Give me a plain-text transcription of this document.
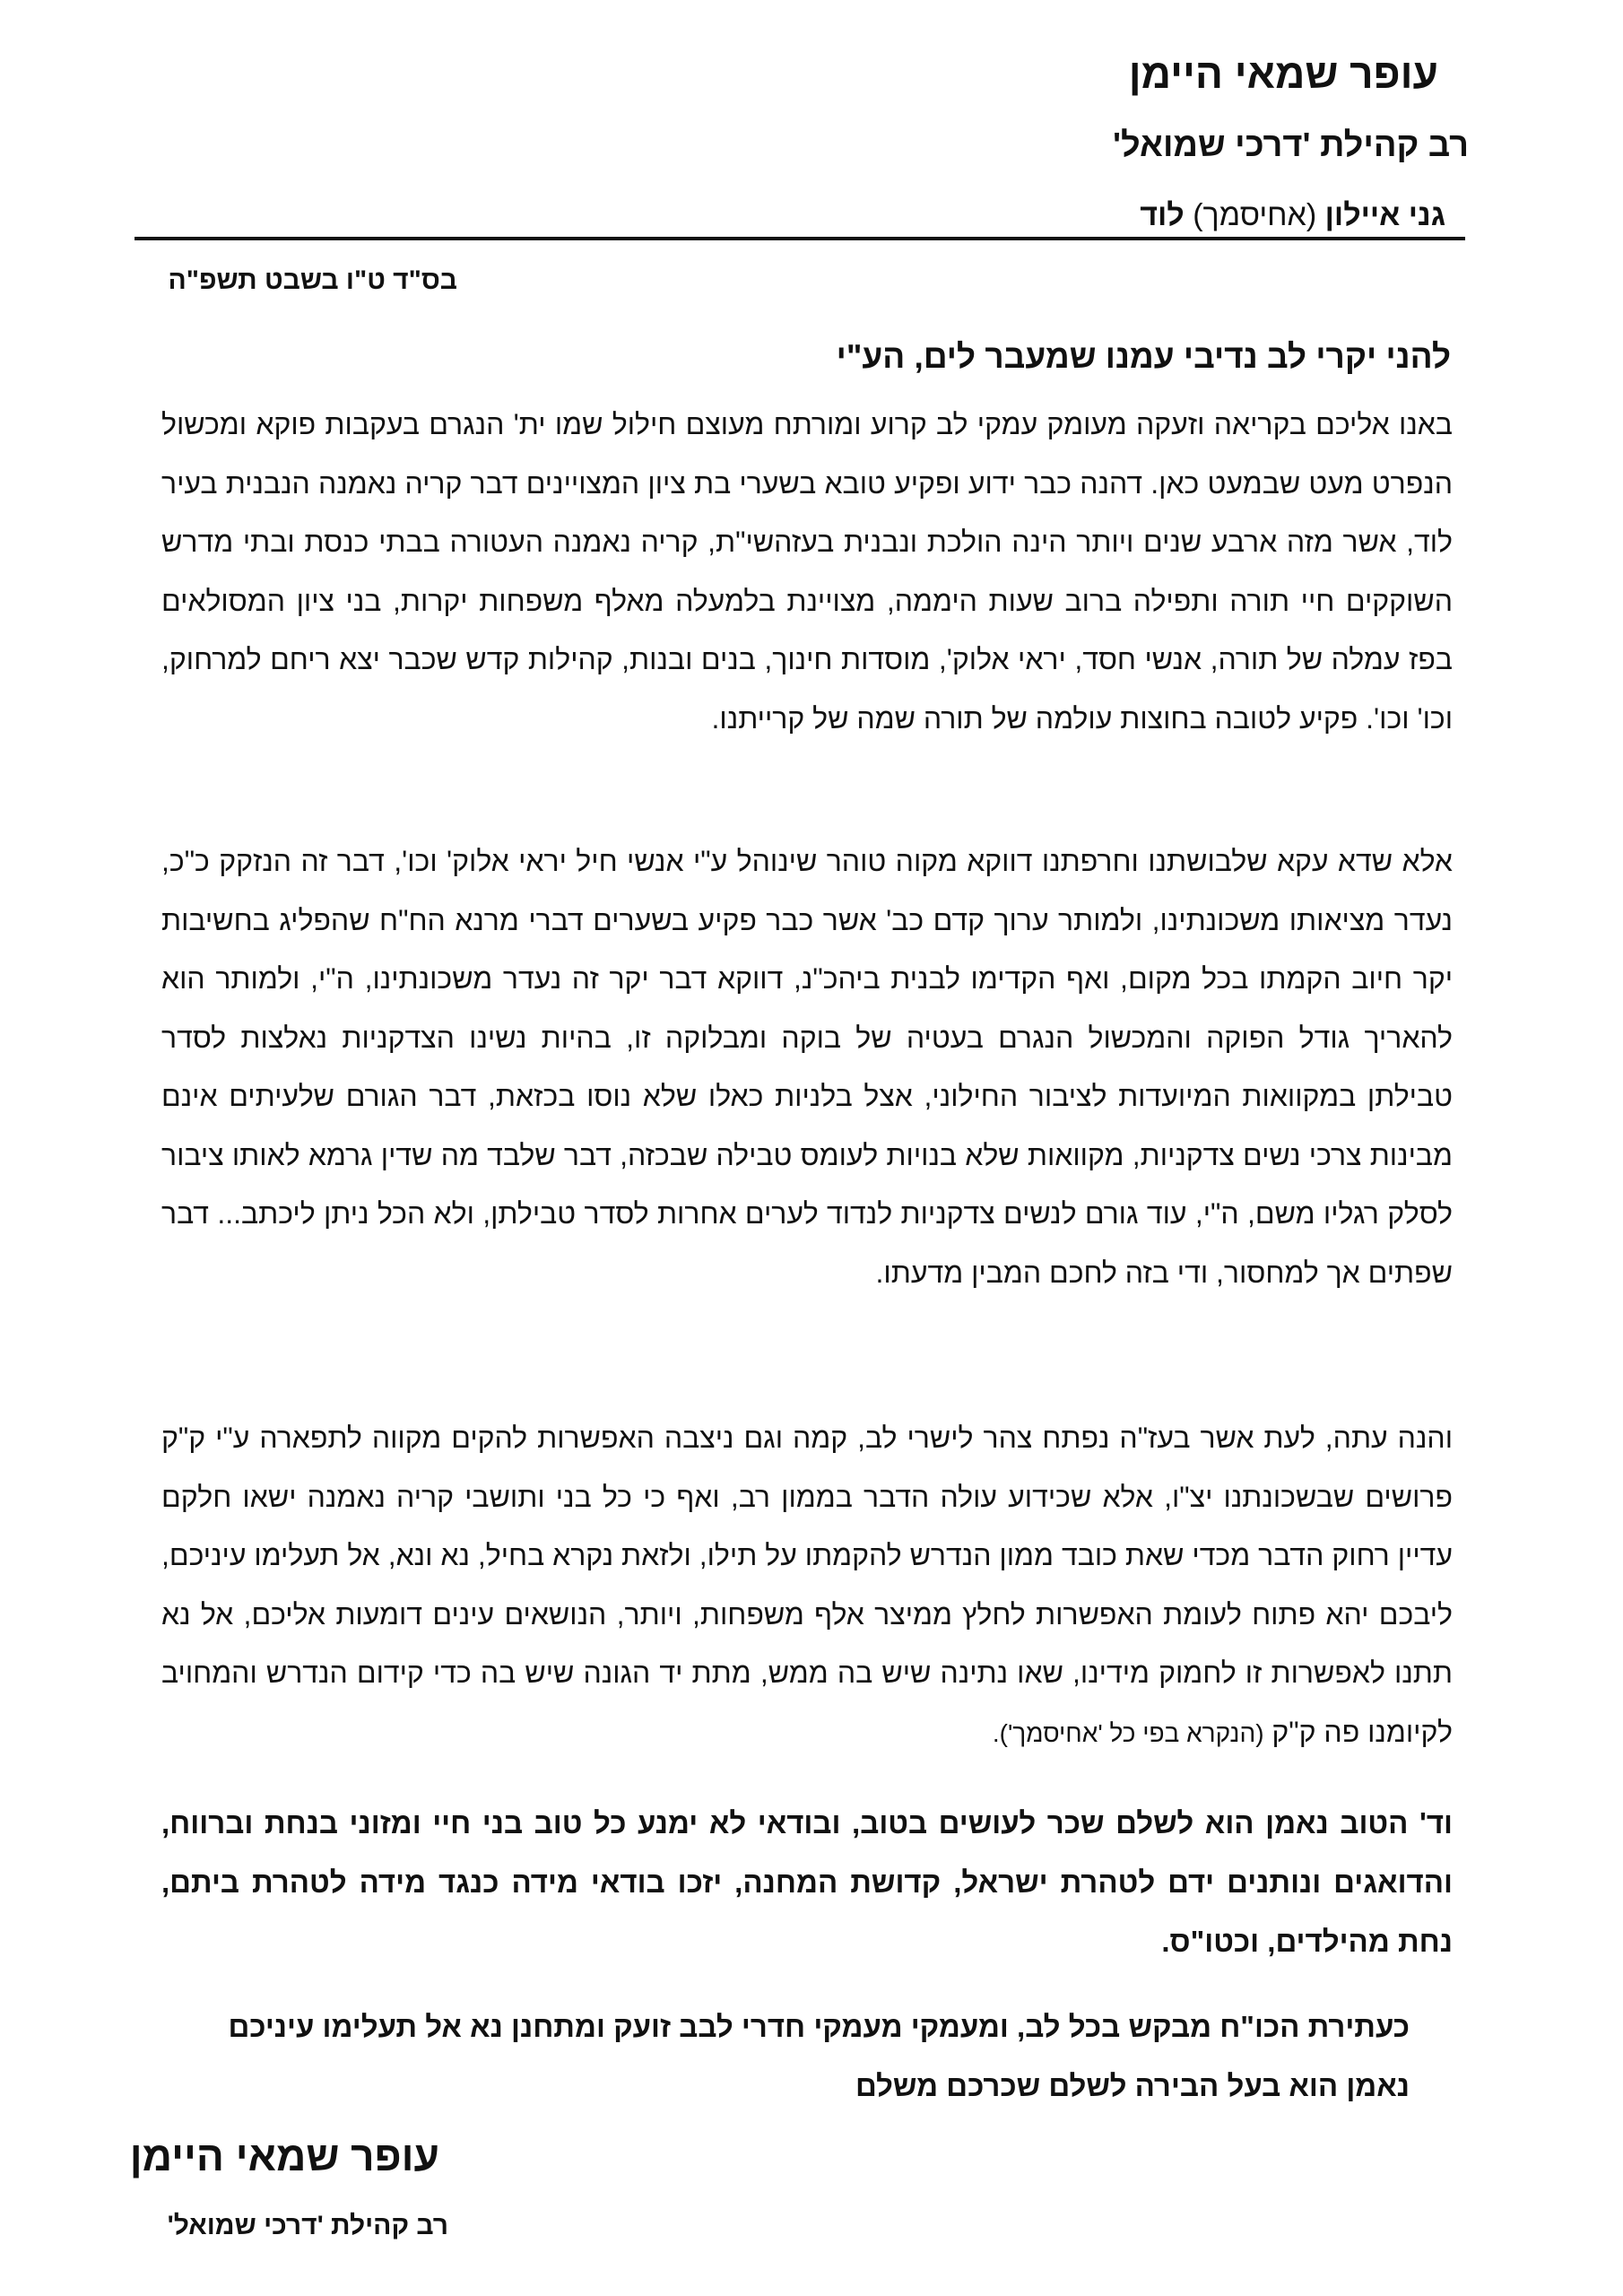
עופר שמאי היימן
רב קהילת 'דרכי שמואל'
גני איילון (אחיסמך) לוד
בס"ד ט"ו בשבט תשפ"ה
להני יקרי לב נדיבי עמנו שמעבר לים, הע"י

באנו אליכם בקריאה וזעקה מעומק עמקי לב קרוע ומורתח מעוצם חילול שמו ית' הנגרם בעקבות פוקא ומכשול הנפרט מעט שבמעט כאן. דהנה כבר ידוע ופקיע טובא בשערי בת ציון המצויינים דבר קריה נאמנה הנבנית בעיר לוד, אשר מזה ארבע שנים ויותר הינה הולכת ונבנית בעזהשי"ת, קריה נאמנה העטורה בבתי כנסת ובתי מדרש השוקקים חיי תורה ותפילה ברוב שעות היממה, מצויינת בלמעלה מאלף משפחות יקרות, בני ציון המסולאים בפז עמלה של תורה, אנשי חסד, יראי אלוק', מוסדות חינוך, בנים ובנות, קהילות קדש שכבר יצא ריחם למרחוק, וכו' וכו'. פקיע לטובה בחוצות עולמה של תורה שמה של קרייתנו.

אלא שדא עקא שלבושתנו וחרפתנו דווקא מקוה טוהר שינוהל ע"י אנשי חיל יראי אלוק' וכו', דבר זה הנזקק כ"כ, נעדר מציאותו משכונתינו, ולמותר ערוך קדם כב' אשר כבר פקיע בשערים דברי מרנא הח"ח שהפליג בחשיבות יקר חיוב הקמתו בכל מקום, ואף הקדימו לבנית ביהכ"נ, דווקא דבר יקר זה נעדר משכונתינו, ה"י, ולמותר הוא להאריך גודל הפוקה והמכשול הנגרם בעטיה של בוקה ומבלוקה זו, בהיות נשינו הצדקניות נאלצות לסדר טבילתן במקוואות המיועדות לציבור החילוני, אצל בלניות כאלו שלא נוסו בכזאת, דבר הגורם שלעיתים אינם מבינות צרכי נשים צדקניות, מקוואות שלא בנויות לעומס טבילה שבכזה, דבר שלבד מה שדין גרמא לאותו ציבור לסלק רגליו משם, ה"י, עוד גורם לנשים צדקניות לנדוד לערים אחרות לסדר טבילתן, ולא הכל ניתן ליכתב... דבר שפתים אך למחסור, ודי בזה לחכם המבין מדעתו.

והנה עתה, לעת אשר בעז"ה נפתח צהר לישרי לב, קמה וגם ניצבה האפשרות להקים מקווה לתפארה ע"י ק"ק פרושים שבשכונתנו יצ"ו, אלא שכידוע עולה הדבר בממון רב, ואף כי כל בני ותושבי קריה נאמנה ישאו חלקם עדיין רחוק הדבר מכדי שאת כובד ממון הנדרש להקמתו על תילו, ולזאת נקרא בחיל, נא ונא, אל תעלימו עיניכם, ליבכם יהא פתוח לעומת האפשרות לחלץ ממיצר אלף משפחות, ויותר, הנושאים עינים דומעות אליכם, אל נא תתנו לאפשרות זו לחמוק מידינו, שאו נתינה שיש בה ממש, מתת יד הגונה שיש בה כדי קידום הנדרש והמחויב לקיומנו פה ק"ק (הנקרא בפי כל 'אחיסמך').

וד' הטוב נאמן הוא לשלם שכר לעושים בטוב, ובודאי לא ימנע כל טוב בני חיי ומזוני בנחת וברווח, והדואגים ונותנים ידם לטהרת ישראל, קדושת המחנה, יזכו בודאי מידה כנגד מידה לטהרת ביתם, נחת מהילדים, וכטו"ס.

כעתירת הכו"ח מבקש בכל לב, ומעמקי מעמקי חדרי לבב זועק ומתחנן נא אל תעלימו עיניכם
נאמן הוא בעל הבירה לשלם שכרכם משלם
עופר שמאי היימן
רב קהילת 'דרכי שמואל'
